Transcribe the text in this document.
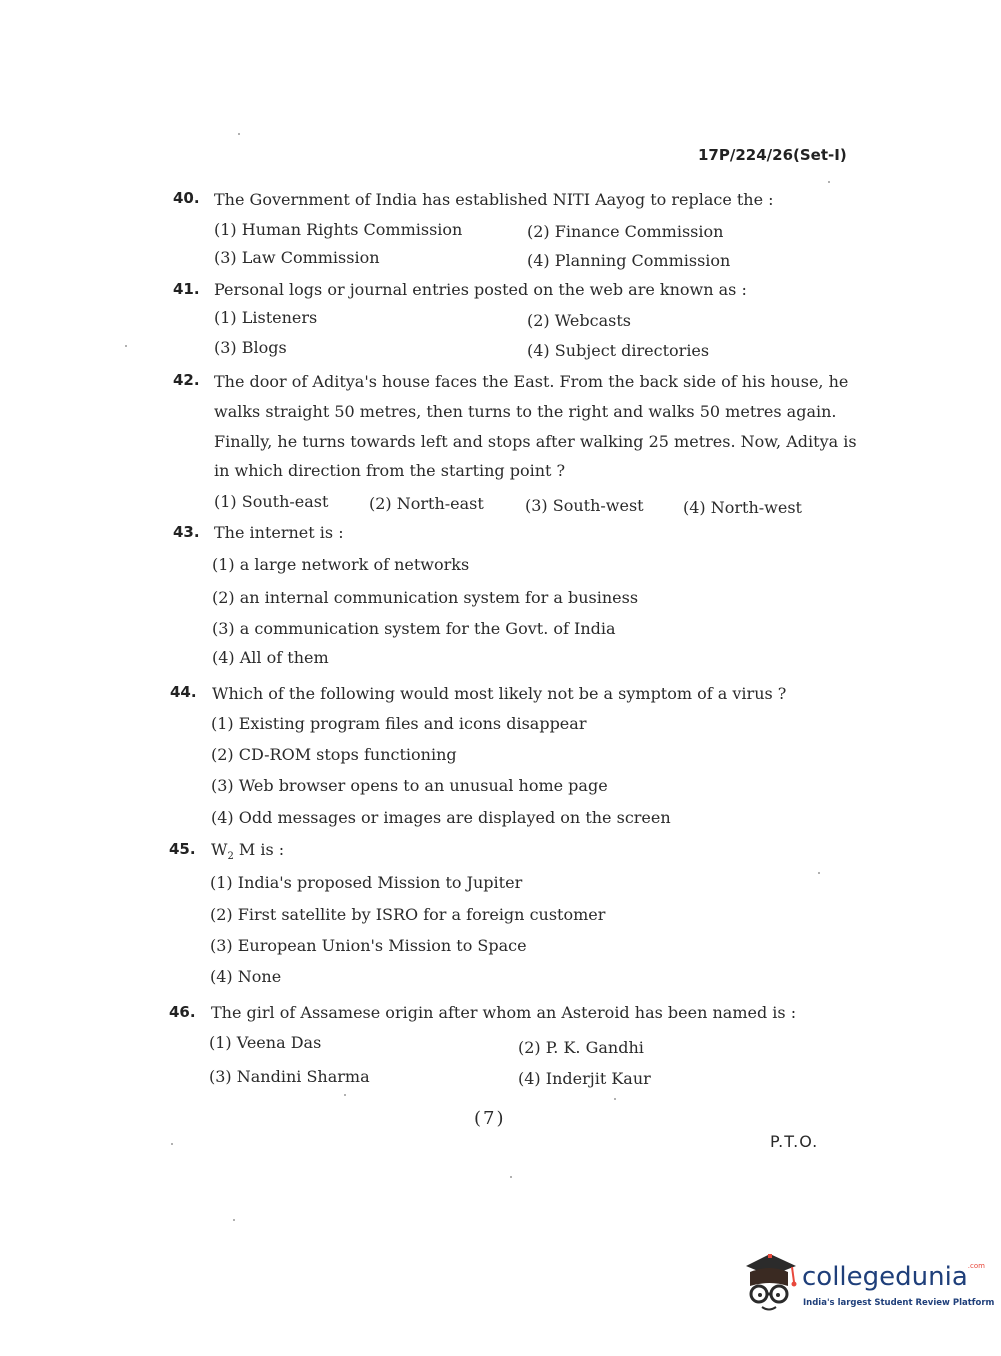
17P/224/26(Set-I)
40. The Government of India has established NITI Aayog to replace the :
(1) Human Rights Commission	(2) Finance Commission
(3) Law Commission	(4) Planning Commission
41. Personal logs or journal entries posted on the web are known as :
(1) Listeners	(2) Webcasts
(3) Blogs	(4) Subject directories
42. The door of Aditya's house faces the East. From the back side of his house, he
walks straight 50 metres, then turns to the right and walks 50 metres again.
Finally, he turns towards left and stops after walking 25 metres. Now, Aditya is
in which direction from the starting point ?
(1) South-east	(2) North-east	(3) South-west (4) North-west
43. The internet is :
(1) a large network of networks
(2) an internal communication system for a business
(3) a communication system for the Govt. of India
(4) All of them
44. Which of the following would most likely not be a symptom of a virus ?
(1) Existing program files and icons disappear
(2) CD-ROM stops functioning
(3) Web browser opens to an unusual home page
(4) Odd messages or images are displayed on the screen
45. $W_2$ M is :
(1) India's proposed Mission to Jupiter
(2) First satellite by ISRO for a foreign customer
(3) European Union's Mission to Space
(4) None
46. The girl of Assamese origin after whom an Asteroid has been named is :
(1) Veena Das	(2) P. K. Gandhi
(3) Nandini Sharma	(4) Inderjit Kaur
(7)
P.T.O.
collegedunia$^{.com}$
India's largest Student Review Platform
